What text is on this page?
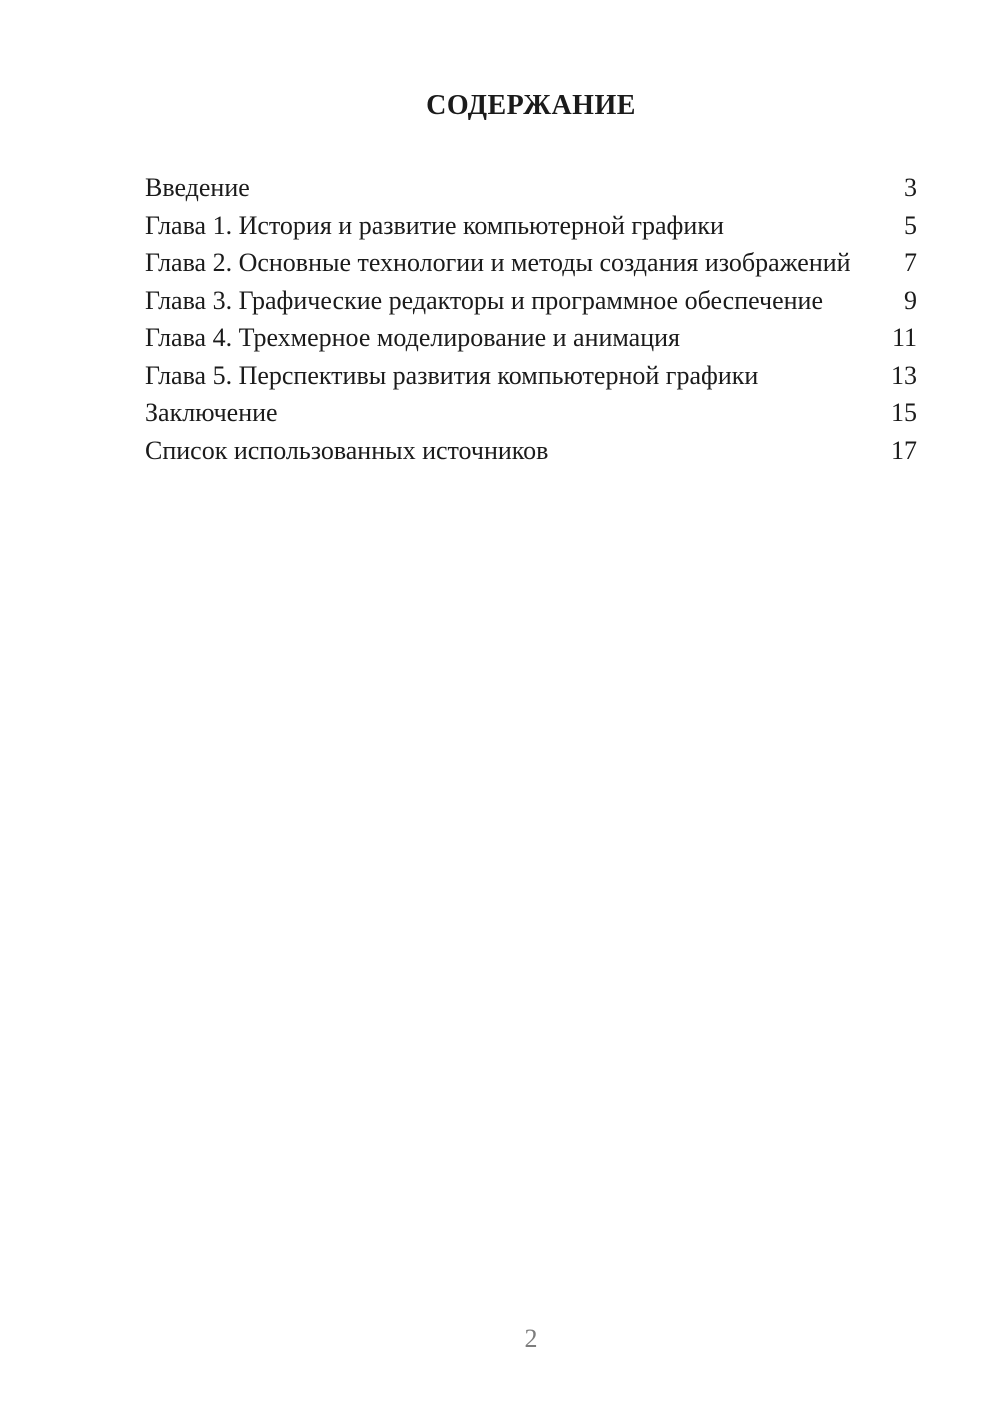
СОДЕРЖАНИЕ
Введение	3
Глава 1. История и развитие компьютерной графики	5
Глава 2. Основные технологии и методы создания изображений	7
Глава 3. Графические редакторы и программное обеспечение	9
Глава 4. Трехмерное моделирование и анимация	11
Глава 5. Перспективы развития компьютерной графики	13
Заключение	15
Список использованных источников	17
2
